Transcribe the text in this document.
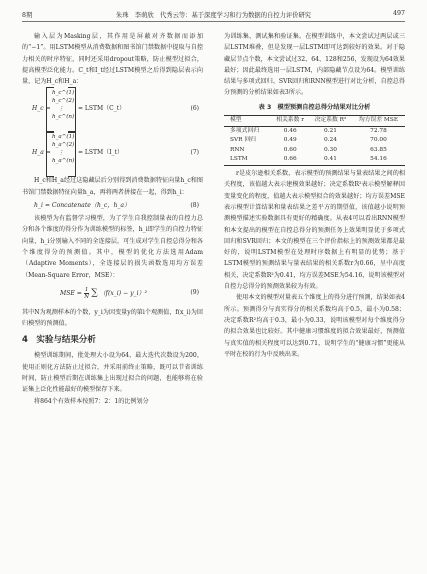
8期	朱珠　李萌欣　代秀云等：基于深度学习和行为数据的自控力评价研究	497

输入层为Masking层，其作用是屏蔽对齐数据而添加的“−1”。用LSTM模型从消费数据和图书馆门禁数据中提取与自控力相关的时序特征，同时还采用dropout策略，防止模型过拟合，提高模型泛化能力。C_t和I_t经过LSTM模型之后得到隐层表示向量，记为H_c和H_a：

H_c =
h_c^(1)
h_c^(2)
⋮
h_c^(n)
= LSTM（C_t）	(6)
H_a =
h_a^(1)
h_a^(2)
⋮
h_a^(n)
= LSTM（I_t）	(7)

H_c和H_a经过这隐藏层后分别得到消费数据特征向量h_c和图书馆门禁数据特征向量h_a，再将两者拼接在一起，得到h_i：

h_i = Concatenate（h_c，h_a）	(8)

该模型为有监督学习模型，为了学生自我控制量表的自控力总分和各个维度的得分作为训练模型的标签，h_i即学生的自控力特征向量，h_i分别输入不同的全连接层，可生成对学生自控总得分和各个维度得分的预测值。其中，模型的优化方法选用Adam（Adaptive Moments），全连接层的损失函数选用均方误差（Mean-Square Error，MSE）：

MSE = $\frac{1}{N}$ ∑ （f(x_i) − y_i）²	(9)

其中N为观测样本的个数，y_i为因变量y的第i个观测值，f(x_i)为回归模型的预测值。

4　实验与结果分析

模型训练期间，批处理大小设为64，最大迭代次数设为200，使用正则化方法防止过拟合，并采用前终止策略，既可以节省训练时间，防止模型后期在训练集上出现过拟合的问题，也能够将在验证集上泛化性能最好的模型保存下来。

将864个有效样本按照7：2：1的比例划分

为训练集、测试集和验证集。在模型训练中，本文尝试过两层或三层LSTM堆叠，但是发现一层LSTM即可达到较好的效果。对于隐藏层节点个数，本文尝试过32、64、128和256，发现设为64效果最好；因此最终选用一层LSTM，内部隐藏节点设为64。模型训练结果与多项式回归、SVR回归和RNN模型进行对比分析，自控总得分预测的分析结果如表3所示。

表 3　模型预测自控总得分结果对比分析
模型	相关系数 r	决定系数 R²	均方误差 MSE
多项式回归	0.46	0.21	72.78
SVR 回归	0.49	0.24	70.00
RNN	0.60	0.30	63.85
LSTM	0.66	0.41	54.16

r是皮尔逊相关系数，表示模型的预测结果与量表结果之间的相关程度，该值越大表示建模效果越好；决定系数R²表示模型解释因变量变化的程度，值越大表示模型拟合的效果越好；均方误差MSE表示模型计算结果和量表结果之差平方的期望值，该值越小说明预测模型描述实验数据具有更好的精确度。从表4可以看出RNN模型和本文提出的模型在自控总得分的预测任务上效果明显优于多项式回归和SVR回归；本文的模型在三个评价指标上的预测效果都是最好的，说明LSTM模型在处理时序数据上有明显的优势；基于LSTM模型的预测结果与量表结果的相关系数r为0.66，呈中高度相关，决定系数R²为0.41，均方误差MSE为54.16，说明该模型对自控力总得分的预测效果较为有效。

使用本文的模型对量表五个维度上的得分进行预测，结果如表4所示。预测得分与真实得分的相关系数均高于0.5，最小为0.58；决定系数R²均高于0.3，最小为0.33，说明该模型对每个维度得分的拟合效果也比较好。其中健康习惯维度的拟合效果最好，预测值与真实值的相关程度可以达到0.71，说明学生的“健康习惯”更能从平时在校的行为中反映出来。
